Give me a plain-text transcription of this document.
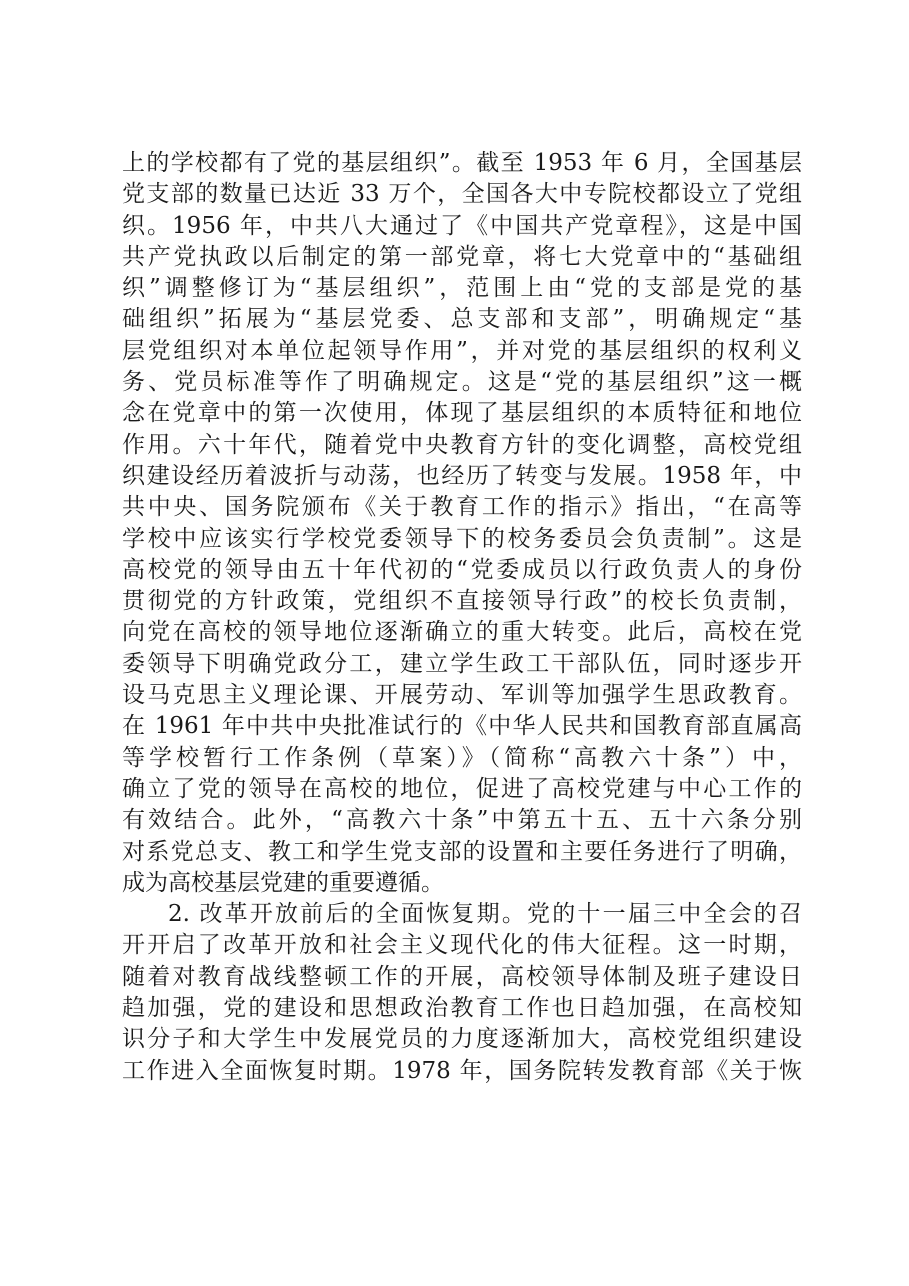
上的学校都有了党的基层组织”。截至 1953 年 6 月，全国基层
党支部的数量已达近 33 万个，全国各大中专院校都设立了党组
织。1956 年，中共八大通过了《中国共产党章程》，这是中国
共产党执政以后制定的第一部党章，将七大党章中的“基础组
织”调整修订为“基层组织”，范围上由“党的支部是党的基
础组织”拓展为“基层党委、总支部和支部”，明确规定“基
层党组织对本单位起领导作用”，并对党的基层组织的权利义
务、党员标准等作了明确规定。这是“党的基层组织”这一概
念在党章中的第一次使用，体现了基层组织的本质特征和地位
作用。六十年代，随着党中央教育方针的变化调整，高校党组
织建设经历着波折与动荡，也经历了转变与发展。1958 年，中
共中央、国务院颁布《关于教育工作的指示》指出，“在高等
学校中应该实行学校党委领导下的校务委员会负责制”。这是
高校党的领导由五十年代初的“党委成员以行政负责人的身份
贯彻党的方针政策，党组织不直接领导行政”的校长负责制，
向党在高校的领导地位逐渐确立的重大转变。此后，高校在党
委领导下明确党政分工，建立学生政工干部队伍，同时逐步开
设马克思主义理论课、开展劳动、军训等加强学生思政教育。
在 1961 年中共中央批准试行的《中华人民共和国教育部直属高
等学校暂行工作条例（草案）》（简称“高教六十条”）中，
确立了党的领导在高校的地位，促进了高校党建与中心工作的
有效结合。此外，“高教六十条”中第五十五、五十六条分别
对系党总支、教工和学生党支部的设置和主要任务进行了明确，
成为高校基层党建的重要遵循。
2. 改革开放前后的全面恢复期。党的十一届三中全会的召
开开启了改革开放和社会主义现代化的伟大征程。这一时期，
随着对教育战线整顿工作的开展，高校领导体制及班子建设日
趋加强，党的建设和思想政治教育工作也日趋加强，在高校知
识分子和大学生中发展党员的力度逐渐加大，高校党组织建设
工作进入全面恢复时期。1978 年，国务院转发教育部《关于恢
